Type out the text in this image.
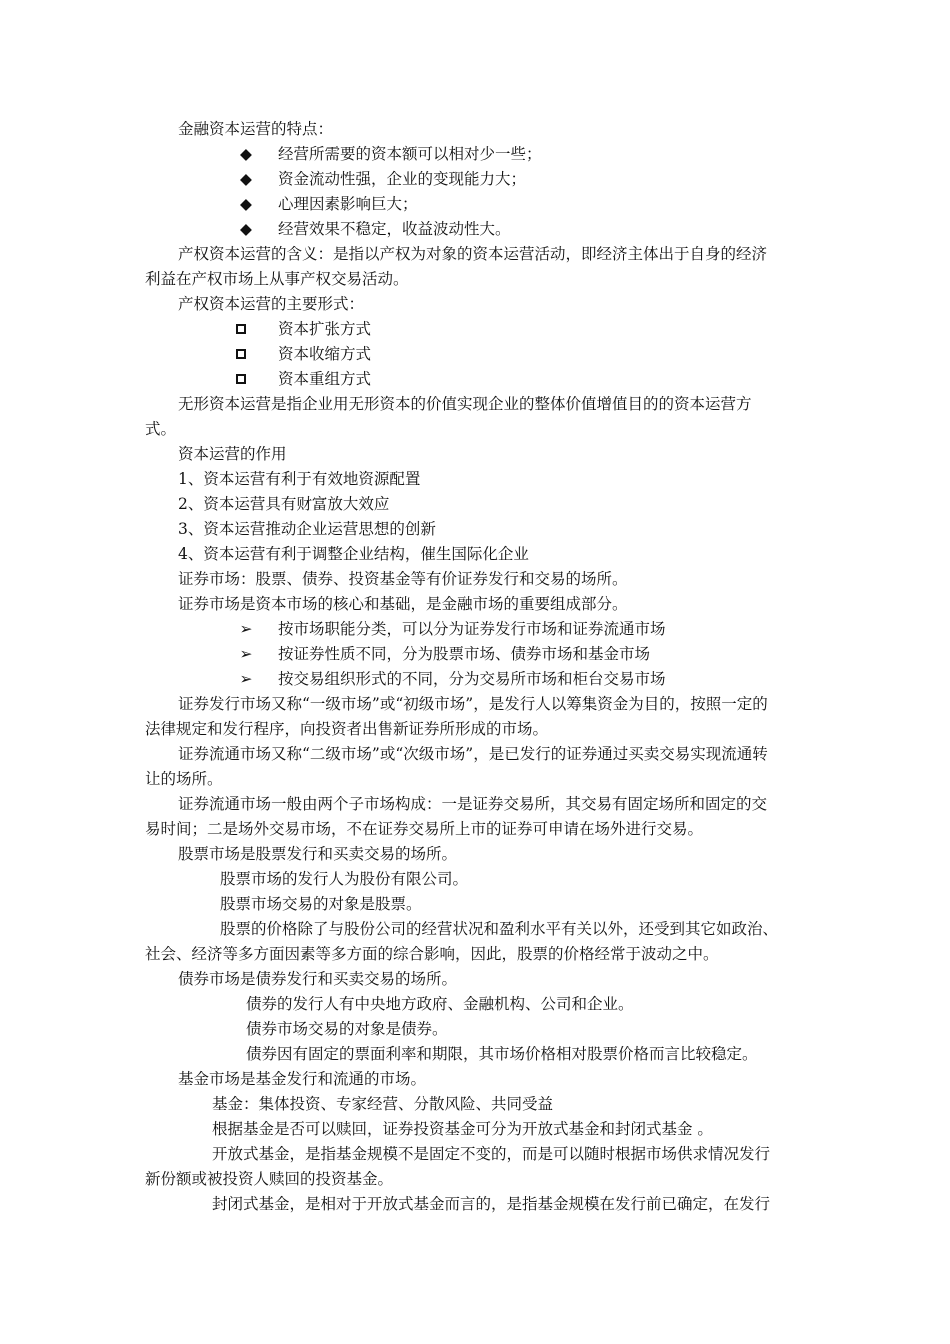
金融资本运营的特点：
◆ 经营所需要的资本额可以相对少一些；
◆ 资金流动性强，企业的变现能力大；
◆ 心理因素影响巨大；
◆ 经营效果不稳定，收益波动性大。
产权资本运营的含义：是指以产权为对象的资本运营活动，即经济主体出于自身的经济
利益在产权市场上从事产权交易活动。
产权资本运营的主要形式：
资本扩张方式
资本收缩方式
资本重组方式
无形资本运营是指企业用无形资本的价值实现企业的整体价值增值目的的资本运营方
式。
资本运营的作用
1、资本运营有利于有效地资源配置
2、资本运营具有财富放大效应
3、资本运营推动企业运营思想的创新
4、资本运营有利于调整企业结构，催生国际化企业
证券市场：股票、债券、投资基金等有价证券发行和交易的场所。
证券市场是资本市场的核心和基础，是金融市场的重要组成部分。
➢ 按市场职能分类，可以分为证券发行市场和证券流通市场
➢ 按证券性质不同，分为股票市场、债券市场和基金市场
➢ 按交易组织形式的不同，分为交易所市场和柜台交易市场
证券发行市场又称“一级市场”或“初级市场”，是发行人以筹集资金为目的，按照一定的
法律规定和发行程序，向投资者出售新证券所形成的市场。
证券流通市场又称“二级市场”或“次级市场”，是已发行的证券通过买卖交易实现流通转
让的场所。
证券流通市场一般由两个子市场构成：一是证券交易所，其交易有固定场所和固定的交
易时间；二是场外交易市场，不在证券交易所上市的证券可申请在场外进行交易。
股票市场是股票发行和买卖交易的场所。
股票市场的发行人为股份有限公司。
股票市场交易的对象是股票。
股票的价格除了与股份公司的经营状况和盈利水平有关以外，还受到其它如政治、
社会、经济等多方面因素等多方面的综合影响，因此，股票的价格经常于波动之中。
债券市场是债券发行和买卖交易的场所。
债券的发行人有中央地方政府、金融机构、公司和企业。
债券市场交易的对象是债券。
债券因有固定的票面利率和期限，其市场价格相对股票价格而言比较稳定。
基金市场是基金发行和流通的市场。
基金：集体投资、专家经营、分散风险、共同受益
根据基金是否可以赎回，证券投资基金可分为开放式基金和封闭式基金 。
开放式基金，是指基金规模不是固定不变的，而是可以随时根据市场供求情况发行
新份额或被投资人赎回的投资基金。
封闭式基金，是相对于开放式基金而言的，是指基金规模在发行前已确定，在发行
